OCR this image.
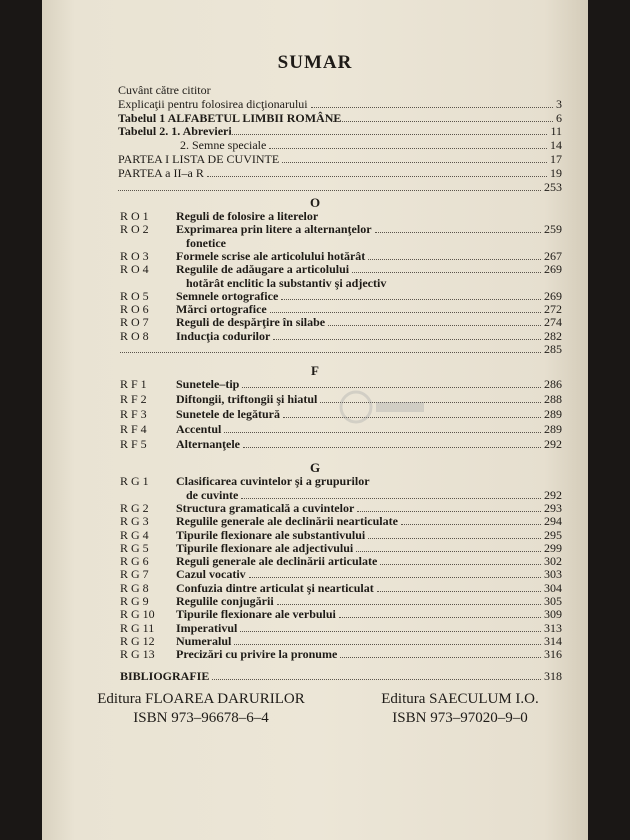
SUMAR
Cuvânt către cititor
Explicaţii pentru folosirea dicţionarului	3
Tabelul 1 ALFABETUL LIMBII ROMÂNE	6
Tabelul 2. 1. Abrevieri	11
2. Semne speciale	14
PARTEA I LISTA DE CUVINTE	17
PARTEA a II–a R	19
253
O
R O 1 Reguli de folosire a literelor
R O 2 Exprimarea prin litere a alternanţelor	259
fonetice
R O 3 Formele scrise ale articolului hotărât	267
R O 4 Regulile de adăugare a articolului	269
hotărât enclitic la substantiv şi adjectiv
R O 5 Semnele ortografice	269
R O 6 Mărci ortografice	272
R O 7 Reguli de despărţire în silabe	274
R O 8 Inducţia codurilor	282
285
F
R F 1 Sunetele–tip	286
R F 2 Diftongii, triftongii şi hiatul	288
R F 3 Sunetele de legătură	289
R F 4 Accentul	289
R F 5 Alternanţele	292
G
R G 1 Clasificarea cuvintelor şi a grupurilor
de cuvinte	292
R G 2 Structura gramaticală a cuvintelor	293
R G 3 Regulile generale ale declinării nearticulate	294
R G 4 Tipurile flexionare ale substantivului	295
R G 5 Tipurile flexionare ale adjectivului	299
R G 6 Reguli generale ale declinării articulate	302
R G 7 Cazul vocativ	303
R G 8 Confuzia dintre articulat şi nearticulat	304
R G 9 Regulile conjugării	305
R G 10 Tipurile flexionare ale verbului	309
R G 11 Imperativul	313
R G 12 Numeralul	314
R G 13 Precizări cu privire la pronume	316
BIBLIOGRAFIE	318
Editura FLOAREA DARURILOR
ISBN 973–96678–6–4
Editura SAECULUM I.O.
ISBN 973–97020–9–0
